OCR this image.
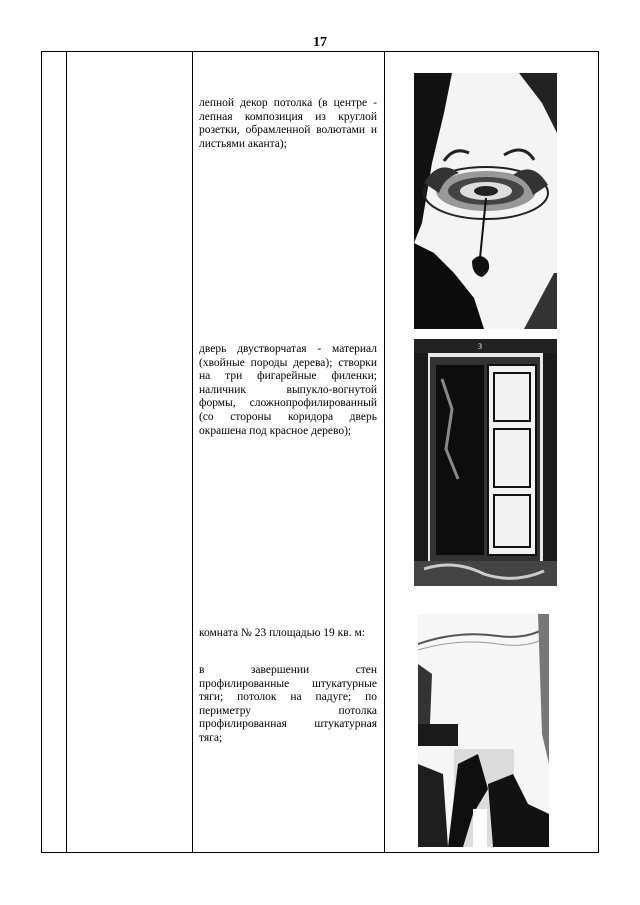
17
лепной декор потолка (в центре - лепная композиция из круглой розетки, обрамленной волютами и листьями аканта);
дверь двустворчатая - материал (хвойные породы дерева); створки на три фигарейные филенки; наличник выпукло-вогнутой формы, сложнопрофилированный (со стороны коридора дверь окрашена под красное дерево);
3
комната № 23 площадью 19 кв. м:
в завершении стен профилированные штукатурные тяги; потолок на падуге; по периметру потолка профилированная штукатурная тяга;
